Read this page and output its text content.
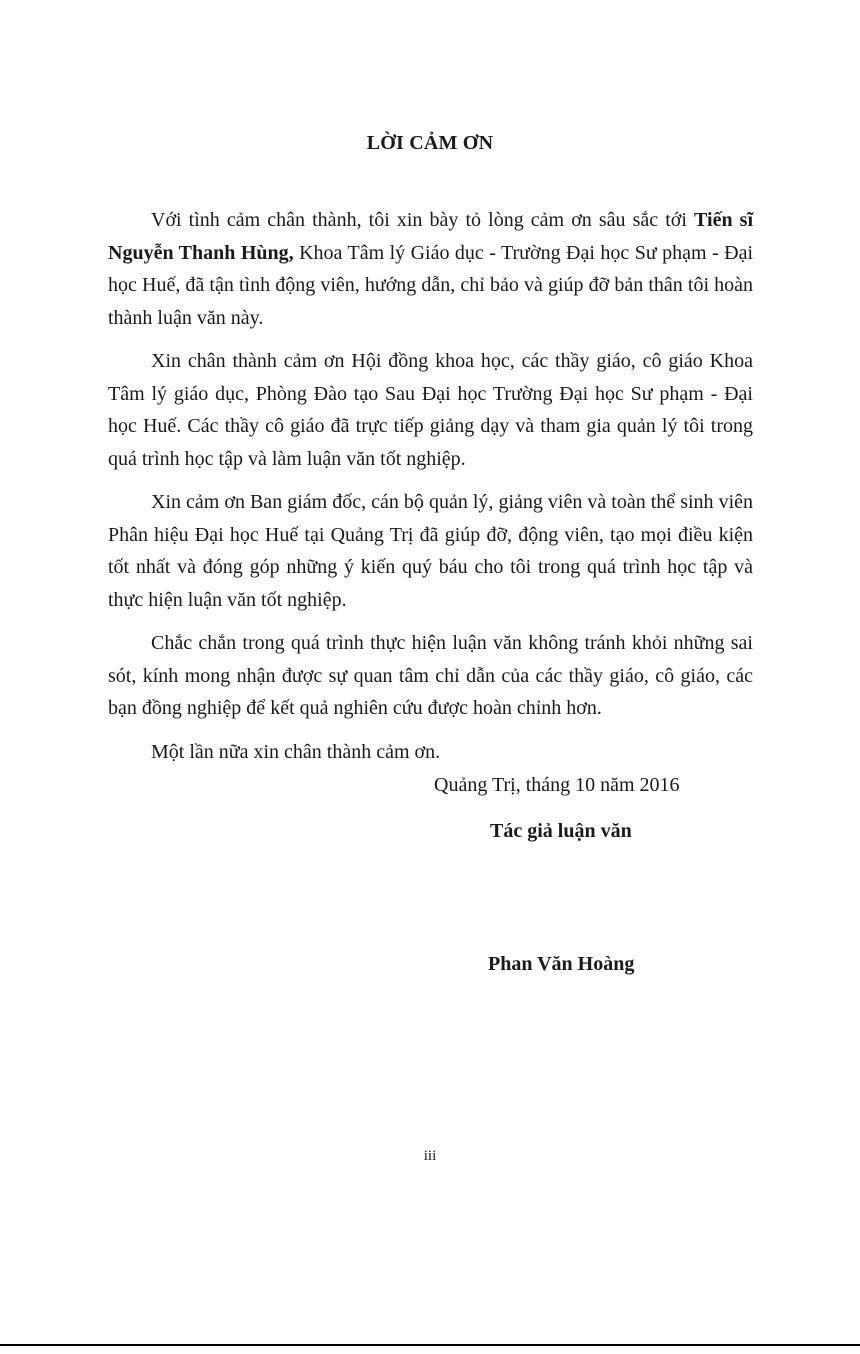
LỜI CẢM ƠN

Với tình cảm chân thành, tôi xin bày tỏ lòng cảm ơn sâu sắc tới Tiến sĩ Nguyễn Thanh Hùng, Khoa Tâm lý Giáo dục - Trường Đại học Sư phạm - Đại học Huế, đã tận tình động viên, hướng dẫn, chỉ bảo và giúp đỡ bản thân tôi hoàn thành luận văn này.

Xin chân thành cảm ơn Hội đồng khoa học, các thầy giáo, cô giáo Khoa Tâm lý giáo dục, Phòng Đào tạo Sau Đại học Trường Đại học Sư phạm - Đại học Huế. Các thầy cô giáo đã trực tiếp giảng dạy và tham gia quản lý tôi trong quá trình học tập và làm luận văn tốt nghiệp.

Xin cảm ơn Ban giám đốc, cán bộ quản lý, giảng viên và toàn thể sinh viên Phân hiệu Đại học Huế tại Quảng Trị đã giúp đỡ, động viên, tạo mọi điều kiện tốt nhất và đóng góp những ý kiến quý báu cho tôi trong quá trình học tập và thực hiện luận văn tốt nghiệp.

Chắc chắn trong quá trình thực hiện luận văn không tránh khỏi những sai sót, kính mong nhận được sự quan tâm chỉ dẫn của các thầy giáo, cô giáo, các bạn đồng nghiệp để kết quả nghiên cứu được hoàn chỉnh hơn.

Một lần nữa xin chân thành cảm ơn.

Quảng Trị, tháng 10 năm 2016
Tác giả luận văn
Phan Văn Hoàng
iii
